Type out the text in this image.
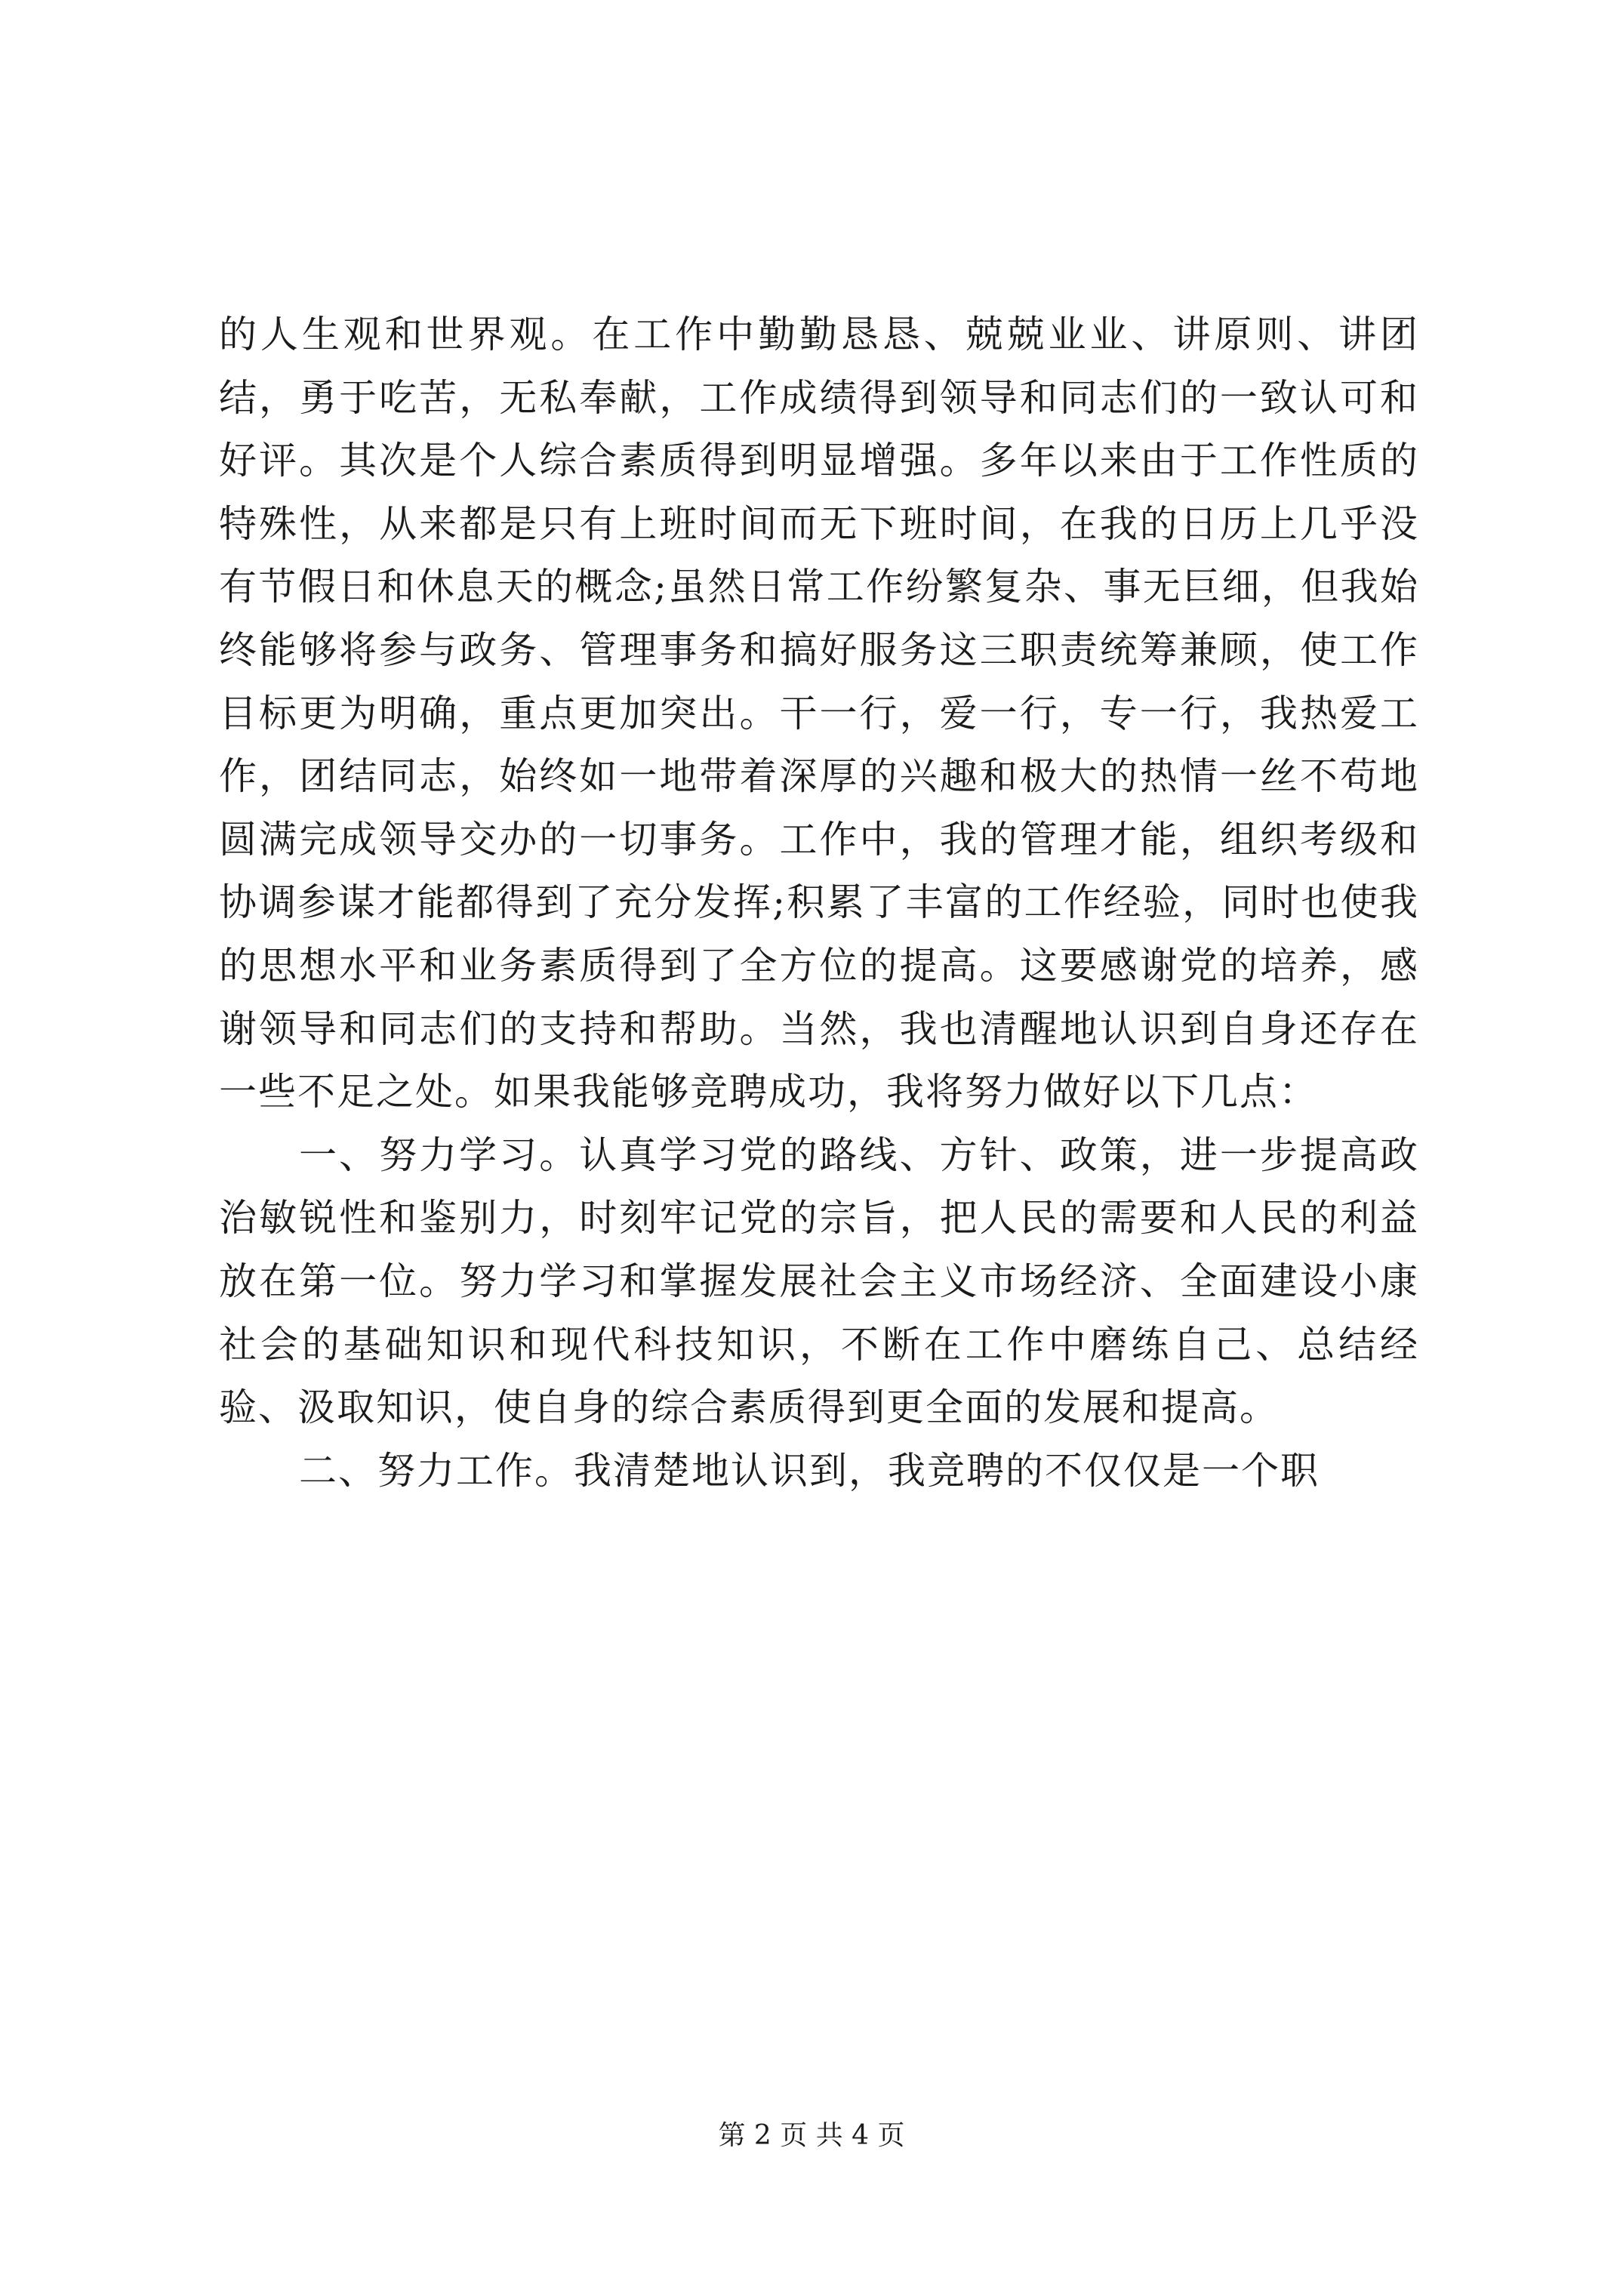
的人生观和世界观。在工作中勤勤恳恳、兢兢业业、讲原则、讲团结，勇于吃苦，无私奉献，工作成绩得到领导和同志们的一致认可和好评。其次是个人综合素质得到明显增强。多年以来由于工作性质的特殊性，从来都是只有上班时间而无下班时间，在我的日历上几乎没有节假日和休息天的概念;虽然日常工作纷繁复杂、事无巨细，但我始终能够将参与政务、管理事务和搞好服务这三职责统筹兼顾，使工作目标更为明确，重点更加突出。干一行，爱一行，专一行，我热爱工作，团结同志，始终如一地带着深厚的兴趣和极大的热情一丝不苟地圆满完成领导交办的一切事务。工作中，我的管理才能，组织考级和协调参谋才能都得到了充分发挥;积累了丰富的工作经验，同时也使我的思想水平和业务素质得到了全方位的提高。这要感谢党的培养，感谢领导和同志们的支持和帮助。当然，我也清醒地认识到自身还存在一些不足之处。如果我能够竞聘成功，我将努力做好以下几点：

一、努力学习。认真学习党的路线、方针、政策，进一步提高政治敏锐性和鉴别力，时刻牢记党的宗旨，把人民的需要和人民的利益放在第一位。努力学习和掌握发展社会主义市场经济、全面建设小康社会的基础知识和现代科技知识，不断在工作中磨练自己、总结经验、汲取知识，使自身的综合素质得到更全面的发展和提高。

二、努力工作。我清楚地认识到，我竞聘的不仅仅是一个职

第 2 页 共 4 页
